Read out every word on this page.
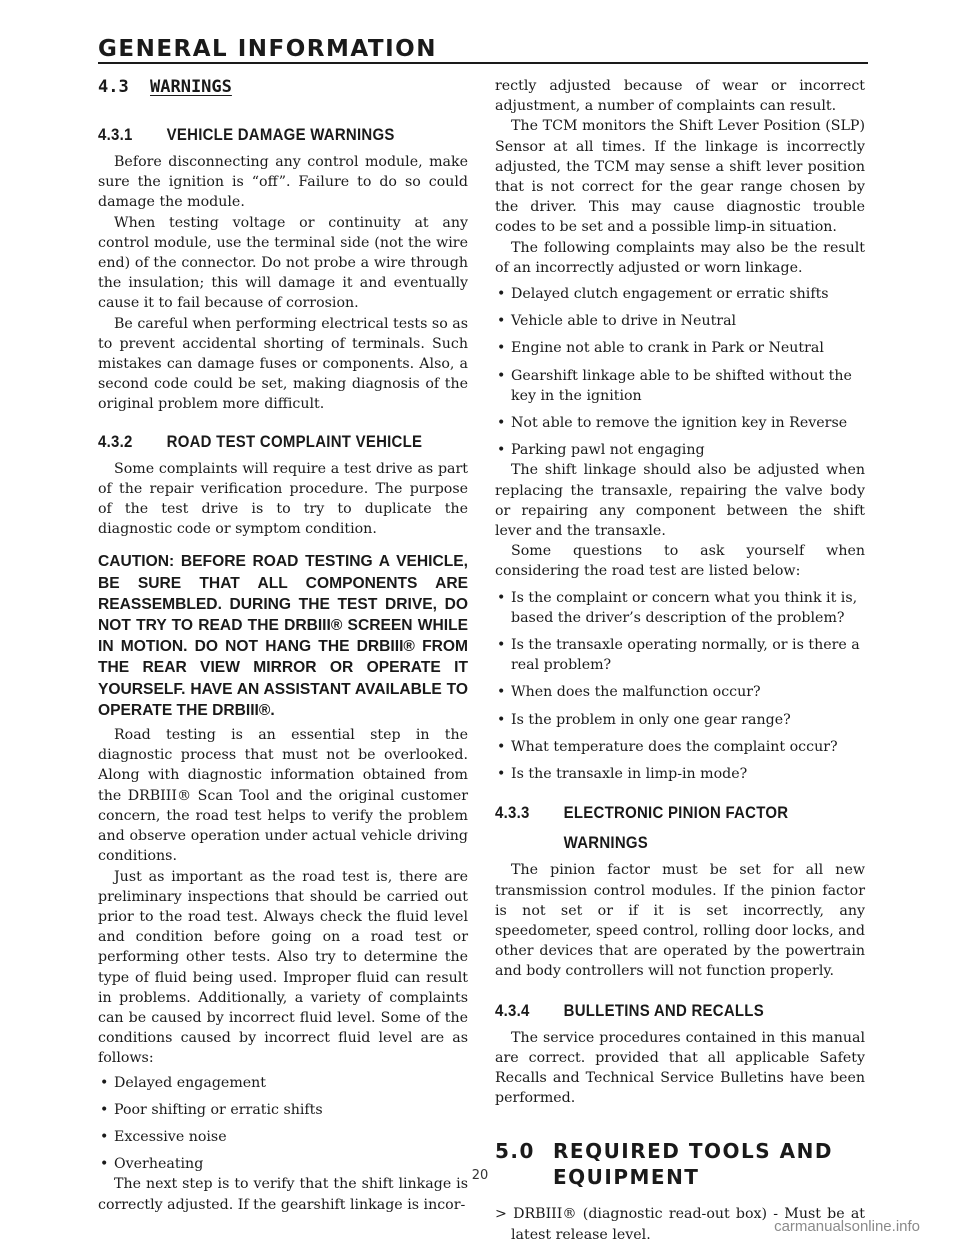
GENERAL INFORMATION
4.3 WARNINGS
4.3.1 VEHICLE DAMAGE WARNINGS

Before disconnecting any control module, make sure the ignition is “off”. Failure to do so could damage the module.

When testing voltage or continuity at any control module, use the terminal side (not the wire end) of the connector. Do not probe a wire through the insulation; this will damage it and eventually cause it to fail because of corrosion.

Be careful when performing electrical tests so as to prevent accidental shorting of terminals. Such mistakes can damage fuses or components. Also, a second code could be set, making diagnosis of the original problem more difficult.

4.3.2 ROAD TEST COMPLAINT VEHICLE

Some complaints will require a test drive as part of the repair verification procedure. The purpose of the test drive is to try to duplicate the diagnostic code or symptom condition.

CAUTION: BEFORE ROAD TESTING A VEHICLE, BE SURE THAT ALL COMPONENTS ARE REASSEMBLED. DURING THE TEST DRIVE, DO NOT TRY TO READ THE DRBIII® SCREEN WHILE IN MOTION. DO NOT HANG THE DRBIII® FROM THE REAR VIEW MIRROR OR OPERATE IT YOURSELF. HAVE AN ASSISTANT AVAILABLE TO OPERATE THE DRBIII®.

Road testing is an essential step in the diagnostic process that must not be overlooked. Along with diagnostic information obtained from the DRBIII® Scan Tool and the original customer concern, the road test helps to verify the problem and observe operation under actual vehicle driving conditions.

Just as important as the road test is, there are preliminary inspections that should be carried out prior to the road test. Always check the fluid level and condition before going on a road test or performing other tests. Also try to determine the type of fluid being used. Improper fluid can result in problems. Additionally, a variety of complaints can be caused by incorrect fluid level. Some of the conditions caused by incorrect fluid level are as follows:

• Delayed engagement
• Poor shifting or erratic shifts
• Excessive noise
• Overheating

The next step is to verify that the shift linkage is correctly adjusted. If the gearshift linkage is incor-

rectly adjusted because of wear or incorrect adjustment, a number of complaints can result.

The TCM monitors the Shift Lever Position (SLP) Sensor at all times. If the linkage is incorrectly adjusted, the TCM may sense a shift lever position that is not correct for the gear range chosen by the driver. This may cause diagnostic trouble codes to be set and a possible limp-in situation.

The following complaints may also be the result of an incorrectly adjusted or worn linkage.

• Delayed clutch engagement or erratic shifts
• Vehicle able to drive in Neutral
• Engine not able to crank in Park or Neutral
• Gearshift linkage able to be shifted without the key in the ignition
• Not able to remove the ignition key in Reverse
• Parking pawl not engaging

The shift linkage should also be adjusted when replacing the transaxle, repairing the valve body or repairing any component between the shift lever and the transaxle.

Some questions to ask yourself when considering the road test are listed below:

• Is the complaint or concern what you think it is, based the driver’s description of the problem?
• Is the transaxle operating normally, or is there a real problem?
• When does the malfunction occur?
• Is the problem in only one gear range?
• What temperature does the complaint occur?
• Is the transaxle in limp-in mode?
4.3.3 ELECTRONIC PINION FACTOR
WARNINGS

The pinion factor must be set for all new transmission control modules. If the pinion factor is not set or if it is set incorrectly, any speedometer, speed control, rolling door locks, and other devices that are operated by the powertrain and body controllers will not function properly.

4.3.4 BULLETINS AND RECALLS

The service procedures contained in this manual are correct. provided that all applicable Safety Recalls and Technical Service Bulletins have been performed.

5.0 REQUIRED TOOLS AND
EQUIPMENT
> DRBIII® (diagnostic read-out box) - Must be at latest release level.
20
carmanualsonline.info
